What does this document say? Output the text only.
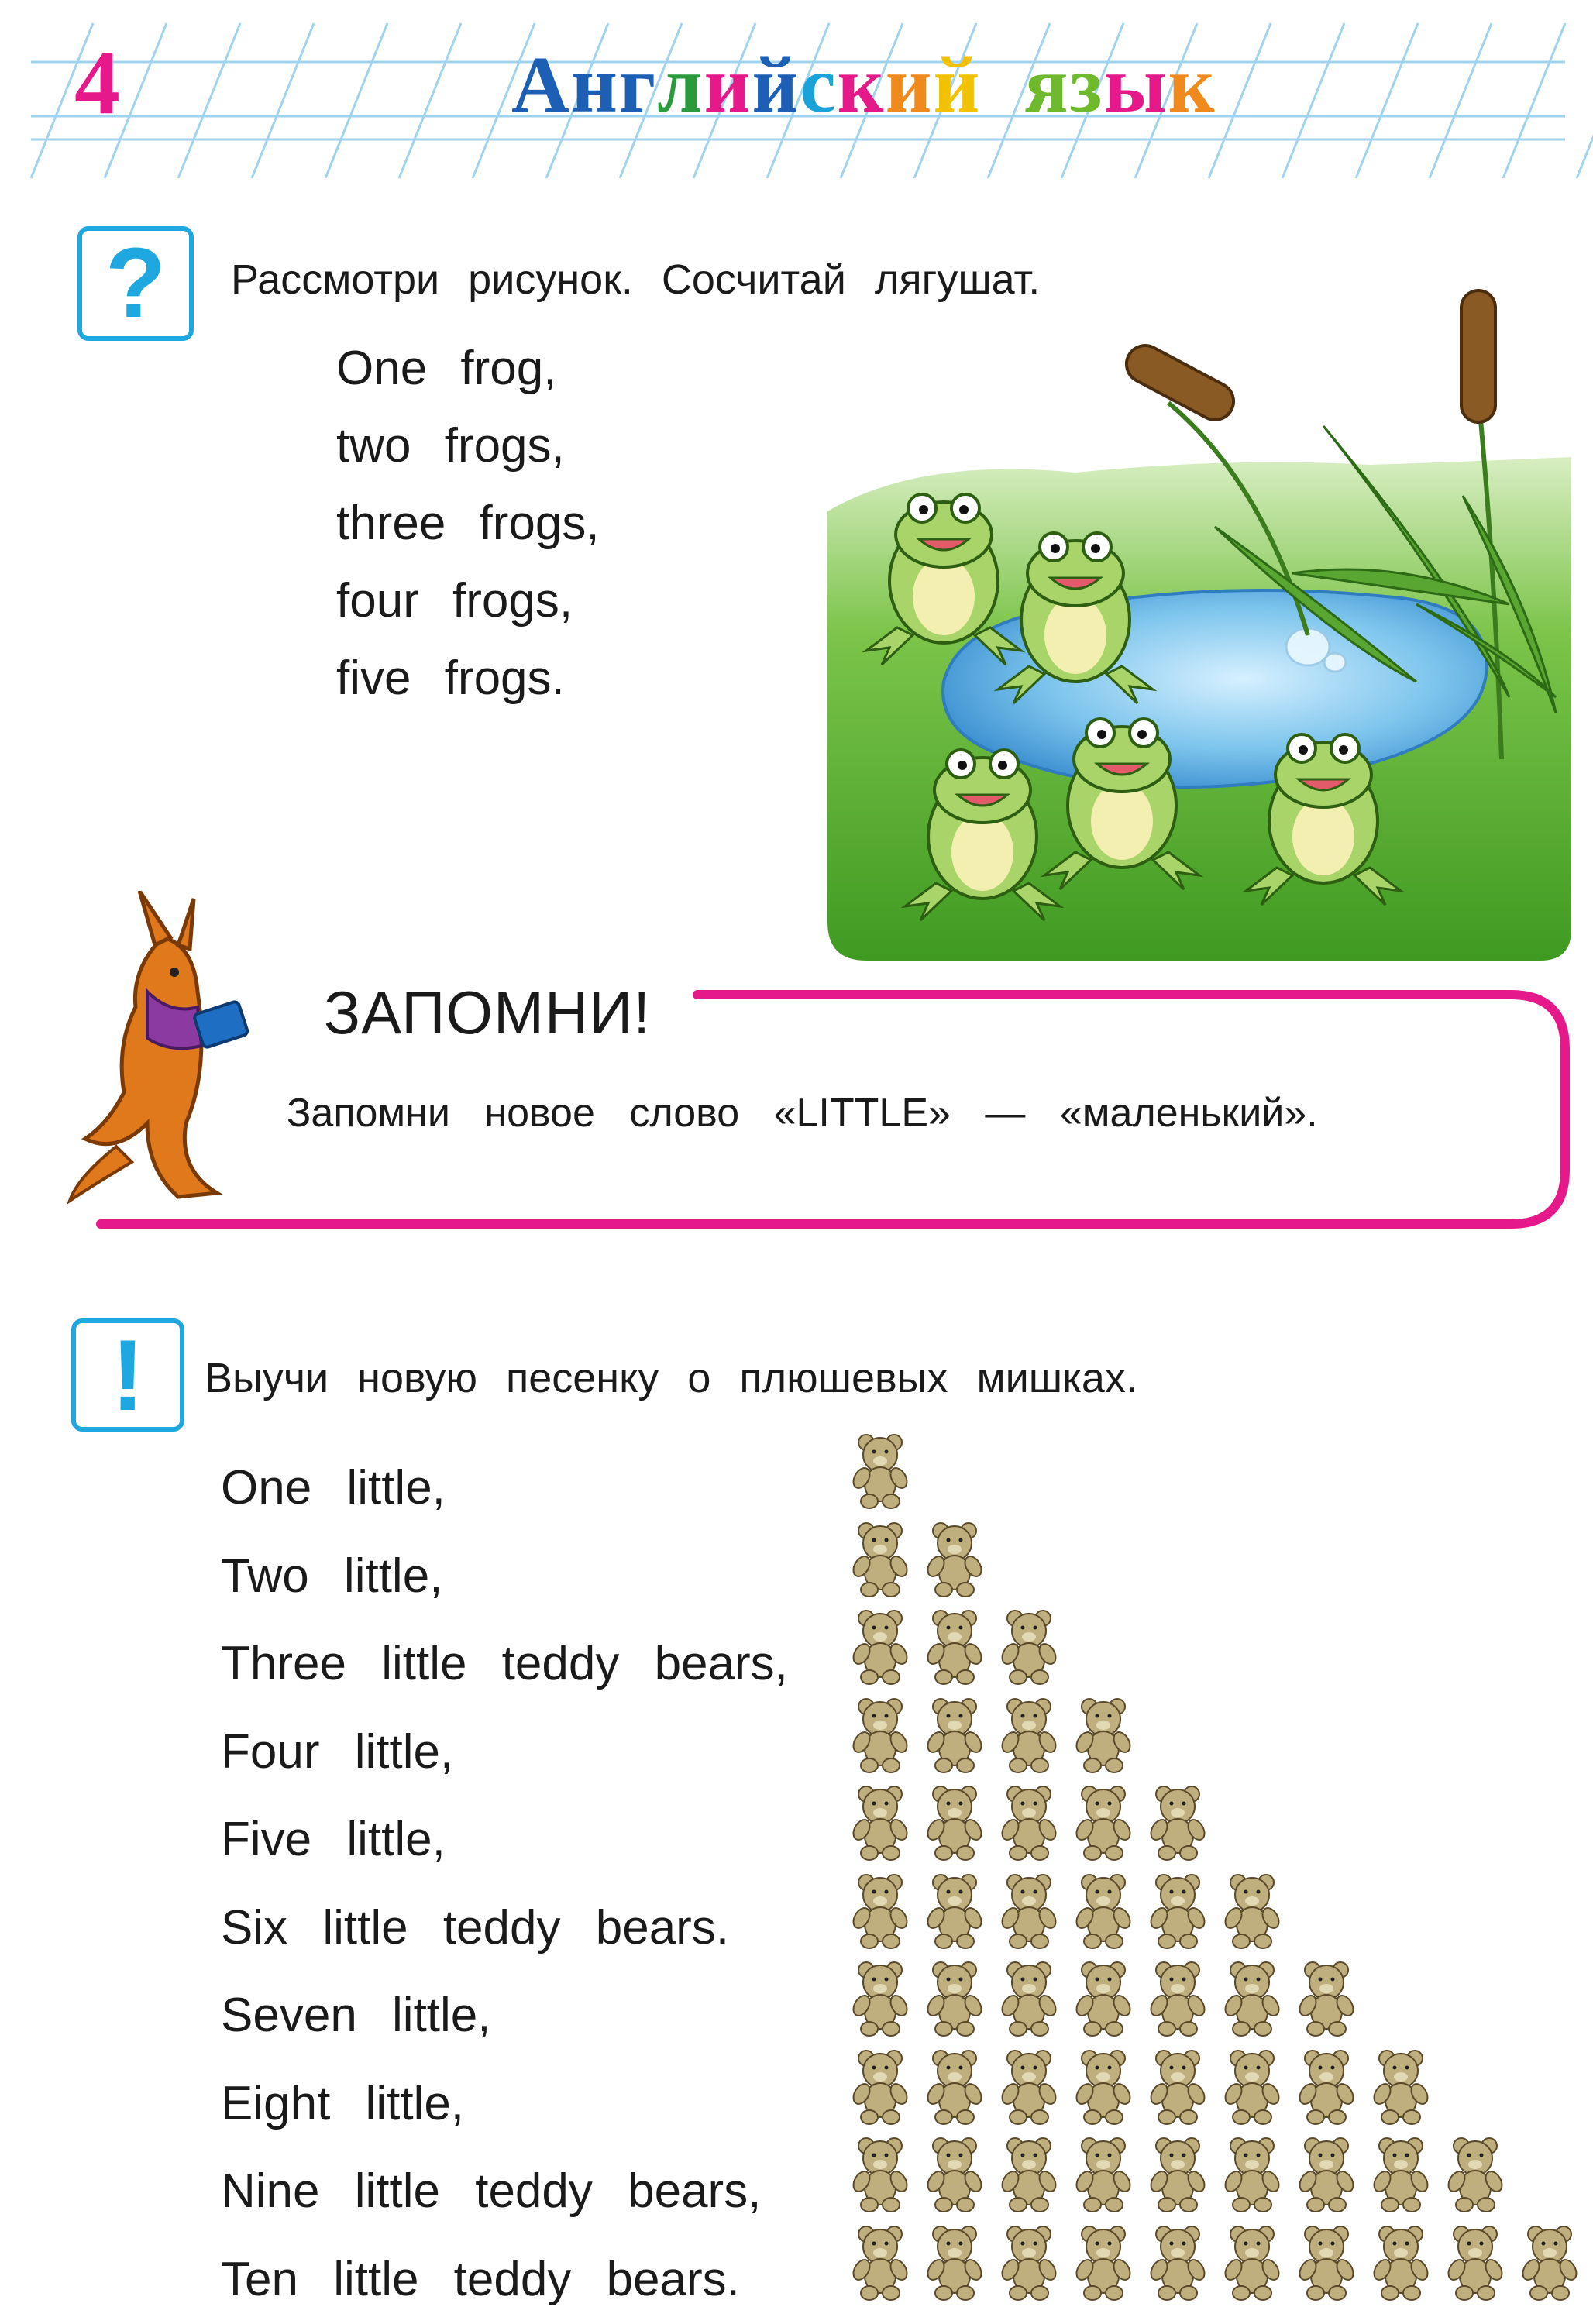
4	Английский язык
? Рассмотри рисунок. Сосчитай лягушат.
One frog,
two frogs,
three frogs,
four frogs,
five frogs.
ЗАПОМНИ!
Запомни новое слово «LITTLE» — «маленький».
! Выучи новую песенку о плюшевых мишках.
One little,
Two little,
Three little teddy bears,
Four little,
Five little,
Six little teddy bears.
Seven little,
Eight little,
Nine little teddy bears,
Ten little teddy bears.
